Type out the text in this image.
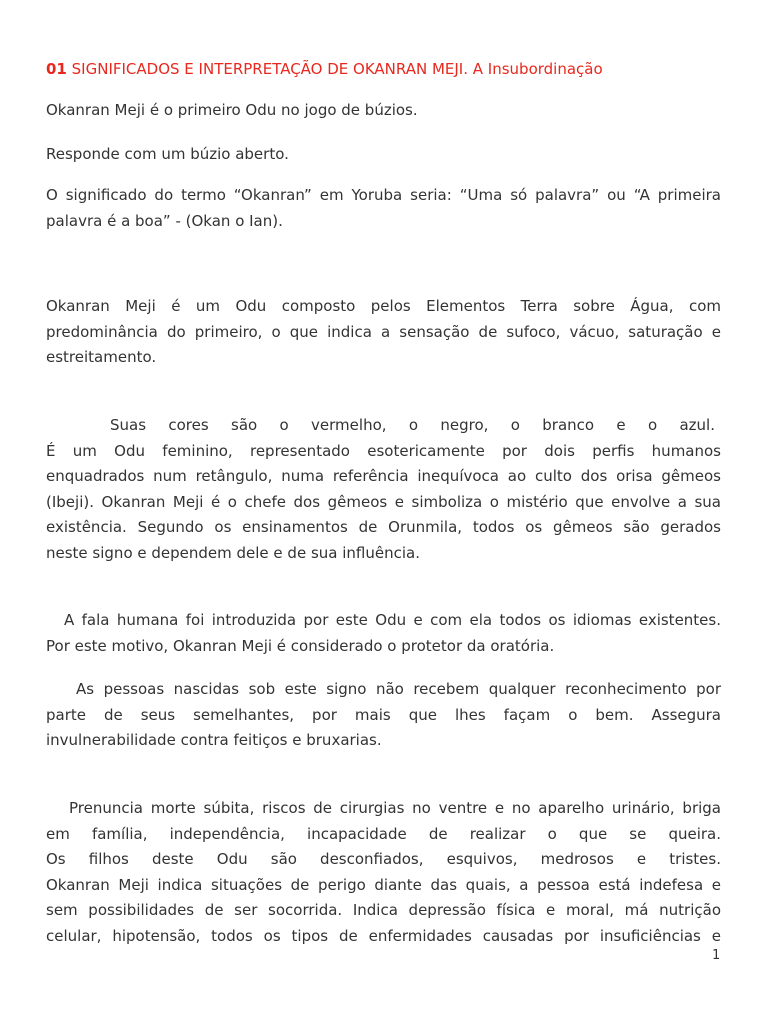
01 SIGNIFICADOS E INTERPRETAÇÃO DE OKANRAN MEJI. A Insubordinação

Okanran Meji é o primeiro Odu no jogo de búzios.

Responde com um búzio aberto.

O significado do termo “Okanran” em Yoruba seria: “Uma só palavra” ou “A primeira
palavra é a boa” - (Okan o Ian).

Okanran Meji é um Odu composto pelos Elementos Terra sobre Água, com
predominância do primeiro, o que indica a sensação de sufoco, vácuo, saturação e
estreitamento.

Suas cores são o vermelho, o negro, o branco e o azul.
É um Odu feminino, representado esotericamente por dois perfis humanos
enquadrados num retângulo, numa referência inequívoca ao culto dos orisa gêmeos
(Ibeji). Okanran Meji é o chefe dos gêmeos e simboliza o mistério que envolve a sua
existência. Segundo os ensinamentos de Orunmila, todos os gêmeos são gerados
neste signo e dependem dele e de sua influência.

A fala humana foi introduzida por este Odu e com ela todos os idiomas existentes.
Por este motivo, Okanran Meji é considerado o protetor da oratória.

As pessoas nascidas sob este signo não recebem qualquer reconhecimento por
parte de seus semelhantes, por mais que lhes façam o bem. Assegura
invulnerabilidade contra feitiços e bruxarias.

Prenuncia morte súbita, riscos de cirurgias no ventre e no aparelho urinário, briga
em família, independência, incapacidade de realizar o que se queira.
Os filhos deste Odu são desconfiados, esquivos, medrosos e tristes.
Okanran Meji indica situações de perigo diante das quais, a pessoa está indefesa e
sem possibilidades de ser socorrida. Indica depressão física e moral, má nutrição
celular, hipotensão, todos os tipos de enfermidades causadas por insuficiências e

1
